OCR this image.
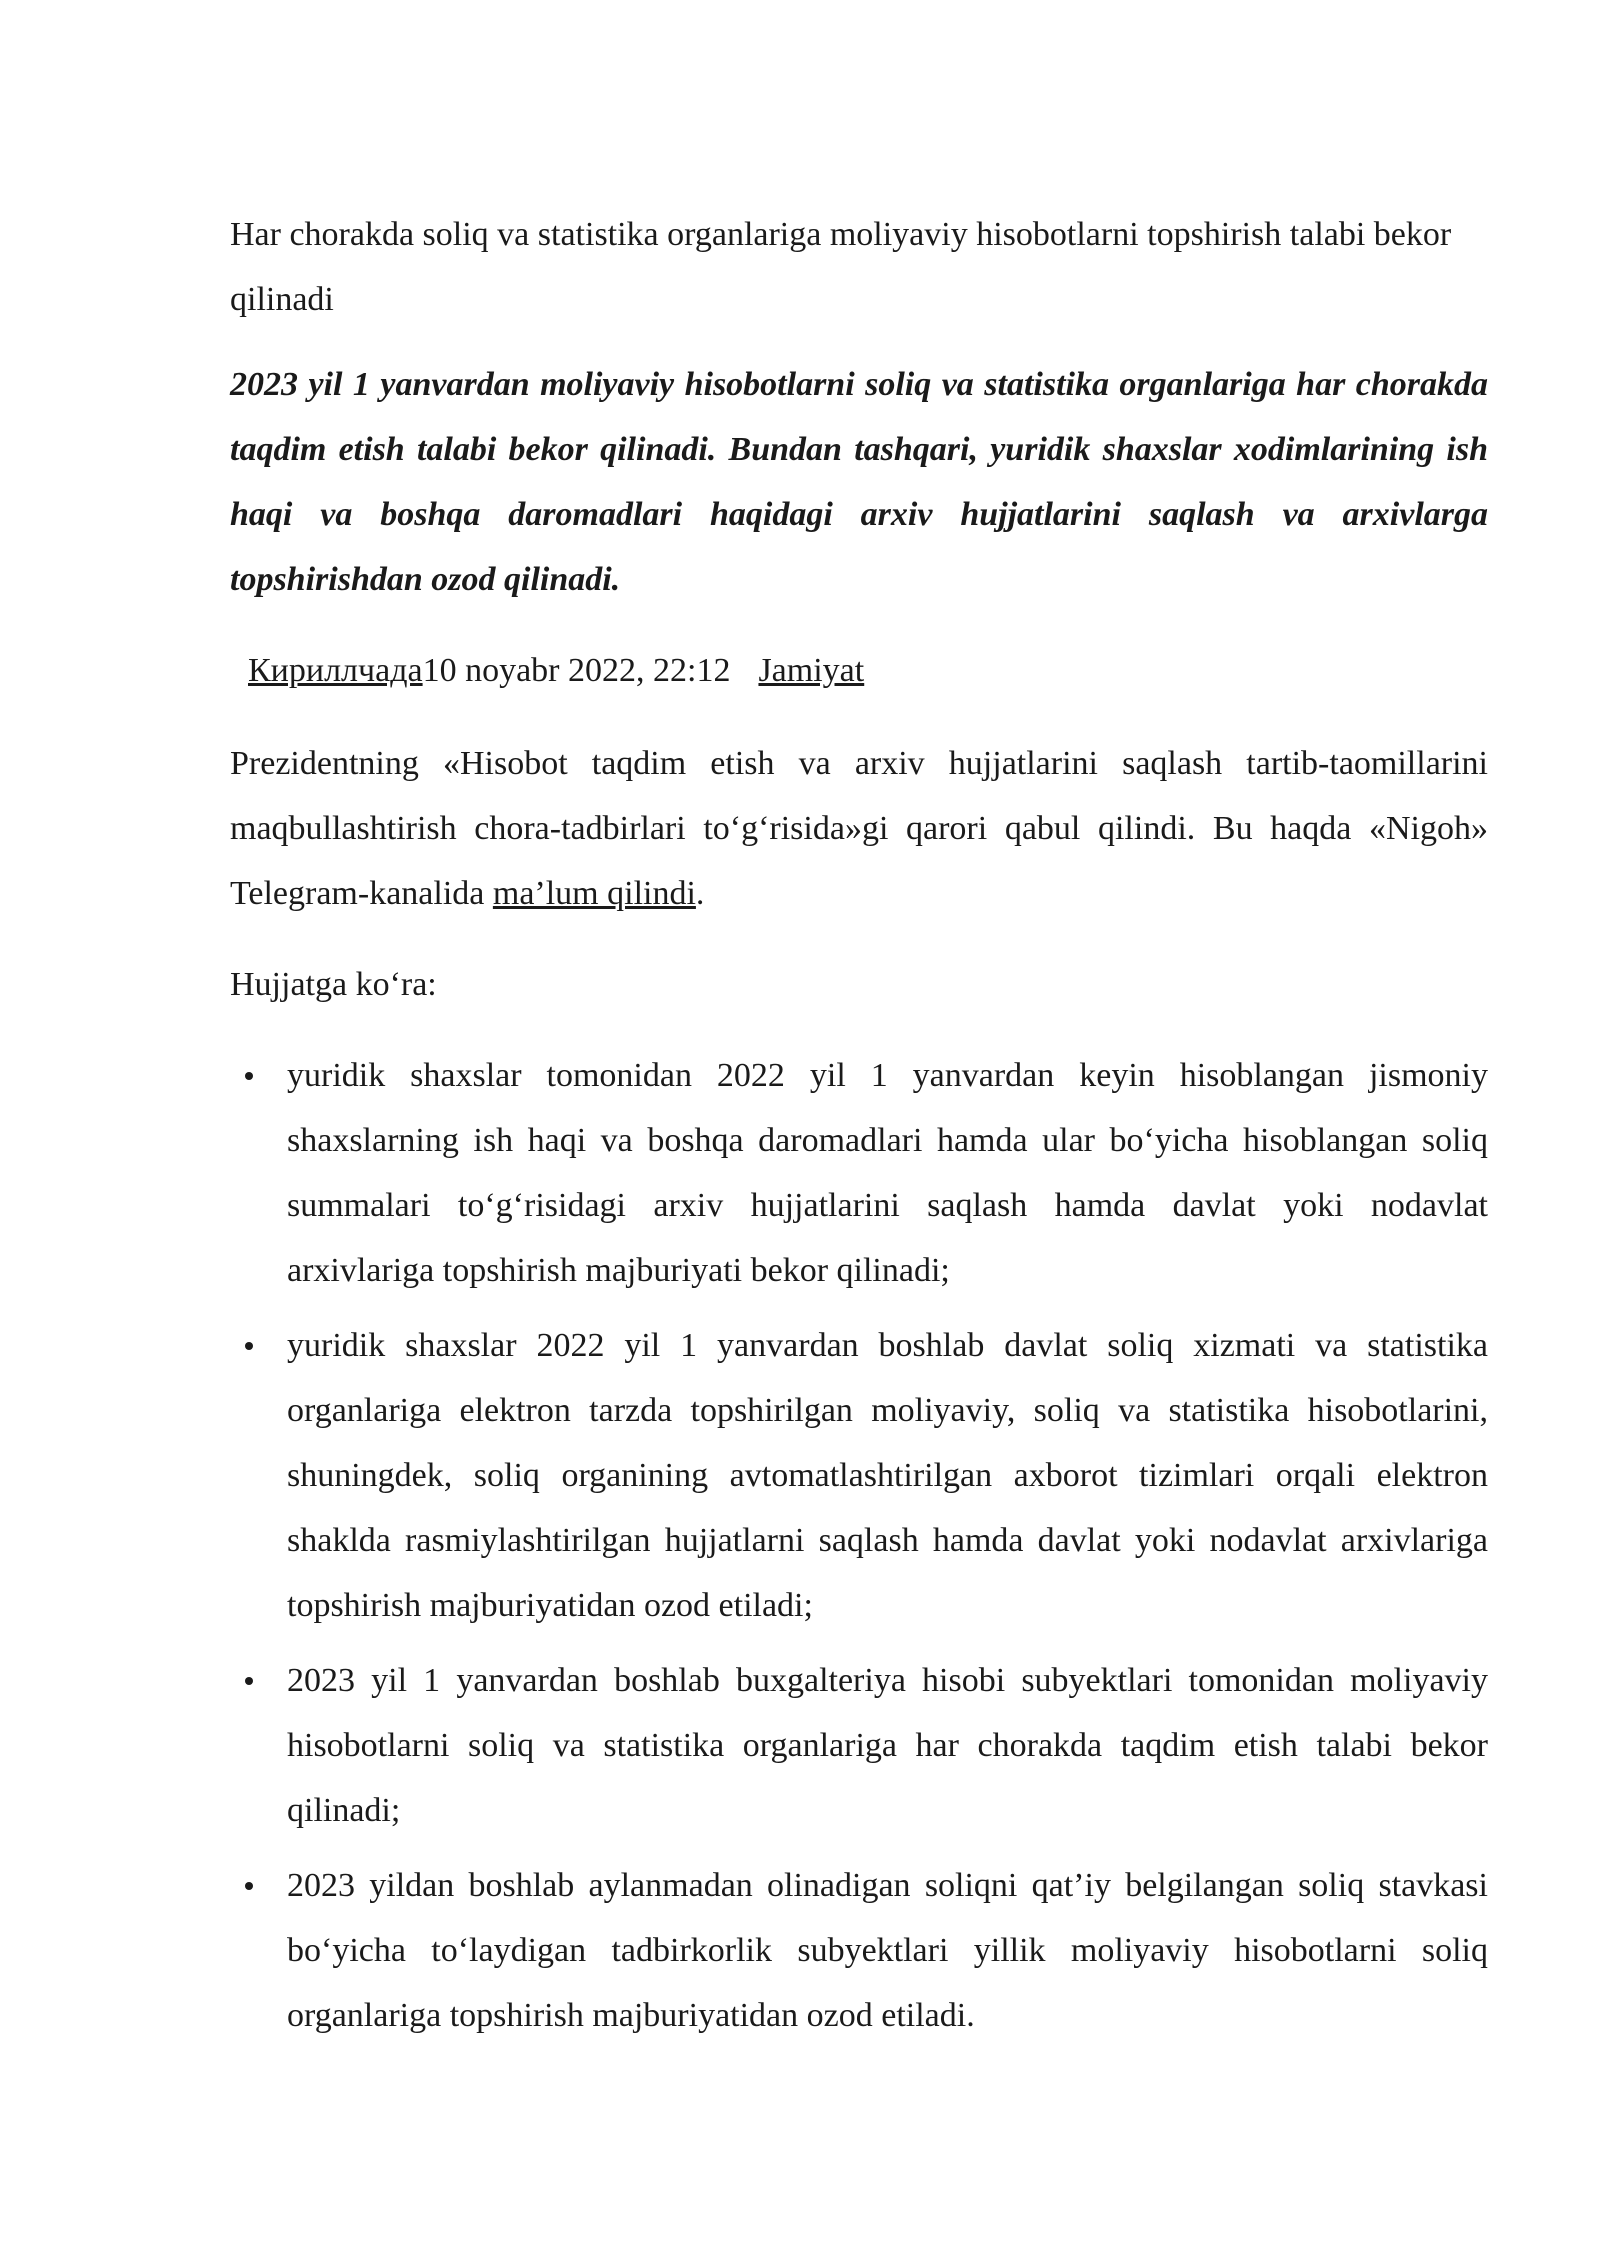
Har chorakda soliq va statistika organlariga moliyaviy hisobotlarni topshirish talabi bekor qilinadi

2023 yil 1 yanvardan moliyaviy hisobotlarni soliq va statistika organlariga har chorakda taqdim etish talabi bekor qilinadi. Bundan tashqari, yuridik shaxslar xodimlarining ish haqi va boshqa daromadlari haqidagi arxiv hujjatlarini saqlash va arxivlarga topshirishdan ozod qilinadi.

Кириллчада10 noyabr 2022, 22:12 Jamiyat

Prezidentning «Hisobot taqdim etish va arxiv hujjatlarini saqlash tartib-taomillarini maqbullashtirish chora-tadbirlari to‘g‘risida»gi qarori qabul qilindi. Bu haqda «Nigoh» Telegram-kanalida ma’lum qilindi.

Hujjatga ko‘ra:

yuridik shaxslar tomonidan 2022 yil 1 yanvardan keyin hisoblangan jismoniy shaxslarning ish haqi va boshqa daromadlari hamda ular bo‘yicha hisoblangan soliq summalari to‘g‘risidagi arxiv hujjatlarini saqlash hamda davlat yoki nodavlat arxivlariga topshirish majburiyati bekor qilinadi;
yuridik shaxslar 2022 yil 1 yanvardan boshlab davlat soliq xizmati va statistika organlariga elektron tarzda topshirilgan moliyaviy, soliq va statistika hisobotlarini, shuningdek, soliq organining avtomatlashtirilgan axborot tizimlari orqali elektron shaklda rasmiylashtirilgan hujjatlarni saqlash hamda davlat yoki nodavlat arxivlariga topshirish majburiyatidan ozod etiladi;
2023 yil 1 yanvardan boshlab buxgalteriya hisobi subyektlari tomonidan moliyaviy hisobotlarni soliq va statistika organlariga har chorakda taqdim etish talabi bekor qilinadi;
2023 yildan boshlab aylanmadan olinadigan soliqni qat’iy belgilangan soliq stavkasi bo‘yicha to‘laydigan tadbirkorlik subyektlari yillik moliyaviy hisobotlarni soliq organlariga topshirish majburiyatidan ozod etiladi.
